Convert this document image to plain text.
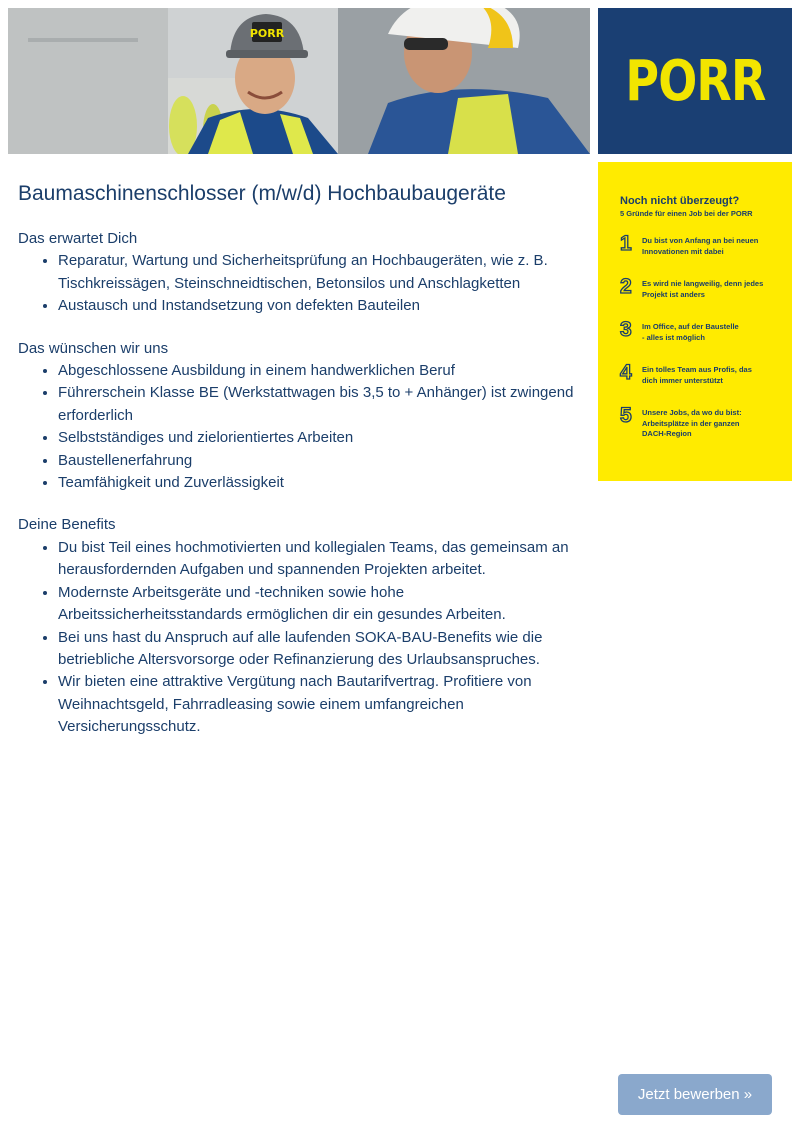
PORR
PORR

Noch nicht überzeugt?

5 Gründe für einen Job bei der PORR

1	Du bist von Anfang an bei neuen
Innovationen mit dabei
2	Es wird nie langweilig, denn jedes
Projekt ist anders
3	Im Office, auf der Baustelle
- alles ist möglich
4	Ein tolles Team aus Profis, das
dich immer unterstützt
5	Unsere Jobs, da wo du bist:
Arbeitsplätze in der ganzen
DACH-Region
Baumaschinenschlosser (m/w/d) Hochbaubaugeräte

Das erwartet Dich

• Reparatur, Wartung und Sicherheitsprüfung an Hochbaugeräten, wie z. B. Tischkreissägen, Steinschneidtischen, Betonsilos und Anschlagketten
• Austausch und Instandsetzung von defekten Bauteilen

Das wünschen wir uns

• Abgeschlossene Ausbildung in einem handwerklichen Beruf
• Führerschein Klasse BE (Werkstattwagen bis 3,5 to + Anhänger) ist zwingend erforderlich
• Selbstständiges und zielorientiertes Arbeiten
• Baustellenerfahrung
• Teamfähigkeit und Zuverlässigkeit

Deine Benefits

• Du bist Teil eines hochmotivierten und kollegialen Teams, das gemeinsam an herausfordernden Aufgaben und spannenden Projekten arbeitet.
• Modernste Arbeitsgeräte und -techniken sowie hohe Arbeitssicherheitsstandards ermöglichen dir ein gesundes Arbeiten.
• Bei uns hast du Anspruch auf alle laufenden SOKA-BAU-Benefits wie die betriebliche Altersvorsorge oder Refinanzierung des Urlaubsanspruches.
• Wir bieten eine attraktive Vergütung nach Bautarifvertrag. Profitiere von Weihnachtsgeld, Fahrradleasing sowie einem umfangreichen Versicherungsschutz.
Jetzt bewerben »
